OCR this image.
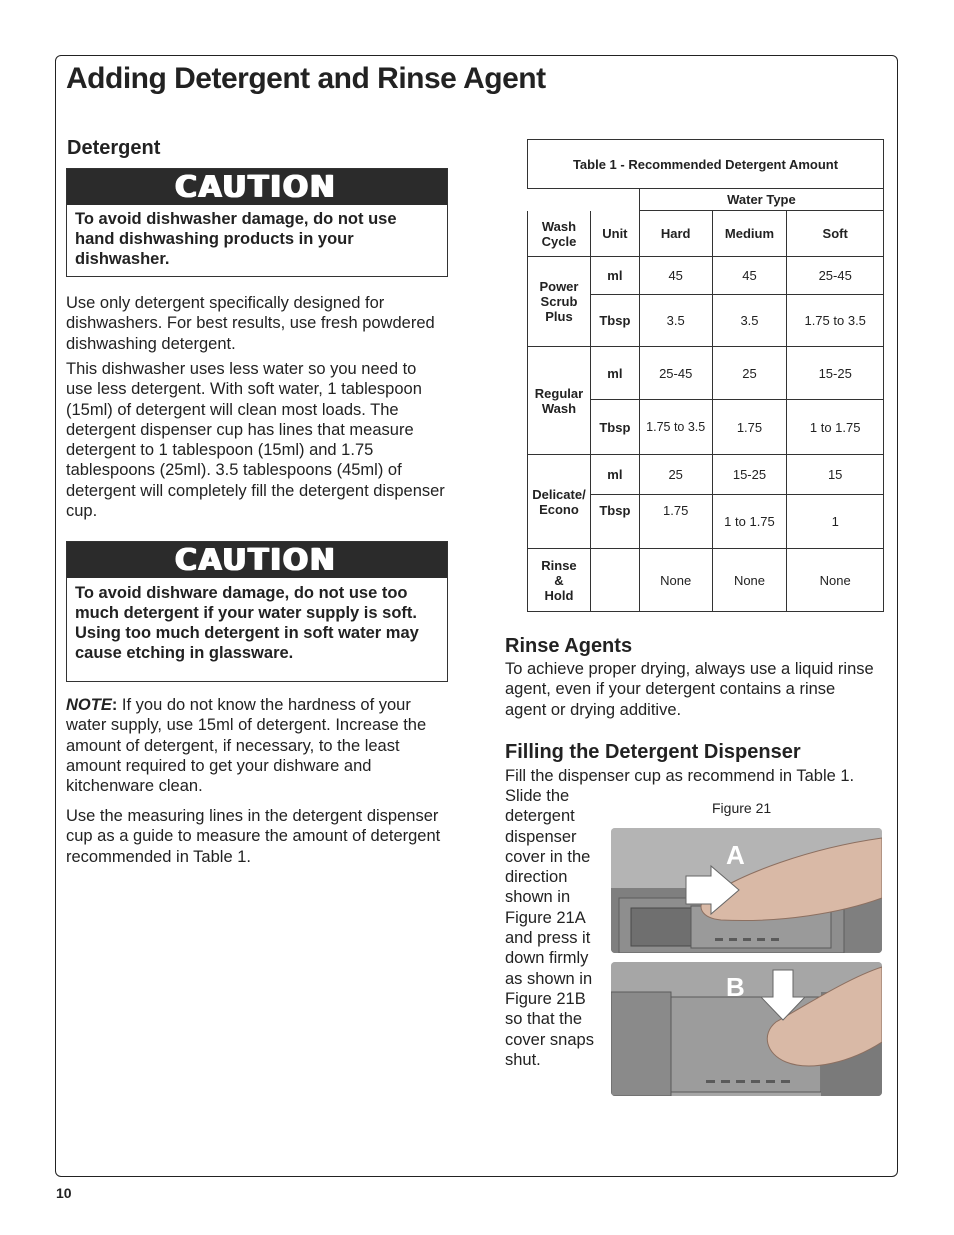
Adding Detergent and Rinse Agent
Detergent
CAUTION
To avoid dishwasher damage, do not use hand dishwashing products in your dishwasher.

Use only detergent specifically designed for dishwashers. For best results, use fresh powdered dishwashing detergent.

This dishwasher uses less water so you need to use less detergent. With soft water, 1 tablespoon (15ml) of detergent will clean most loads. The detergent dispenser cup has lines that measure detergent to 1 tablespoon (15ml) and 1.75 tablespoons (25ml). 3.5 tablespoons (45ml) of detergent will completely fill the detergent dispenser cup.

CAUTION
To avoid dishware damage, do not use too much detergent if your water supply is soft. Using too much detergent in soft water may cause etching in glassware.

NOTE: If you do not know the hardness of your water supply, use 15ml of detergent. Increase the amount of detergent, if necessary, to the least amount required to get your dishware and kitchenware clean.

Use the measuring lines in the detergent dispenser cup as a guide to measure the amount of detergent recommended in Table 1.

Table 1 - Recommended Detergent Amount				
		Water Type		
Wash Cycle	Unit	Hard	Medium	Soft
Power Scrub Plus	ml	45	45	25-45
	Tbsp	3.5	3.5	1.75 to 3.5
Regular Wash	ml	25-45	25	15-25
	Tbsp	1.75 to 3.5	1.75	1 to 1.75
Delicate/ Econo	ml	25	15-25	15
	Tbsp	1.75	1 to 1.75	1

Rinse
&
Hold		None	None	None
Rinse Agents

To achieve proper drying, always use a liquid rinse agent, even if your detergent contains a rinse agent or drying additive.

Filling the Detergent Dispenser

Fill the dispenser cup as recommend in Table 1.

Slide the detergent dispenser cover in the direction shown in Figure 21A and press it down firmly as shown in Figure 21B so that the cover snaps shut.

Figure 21
A
B
10
